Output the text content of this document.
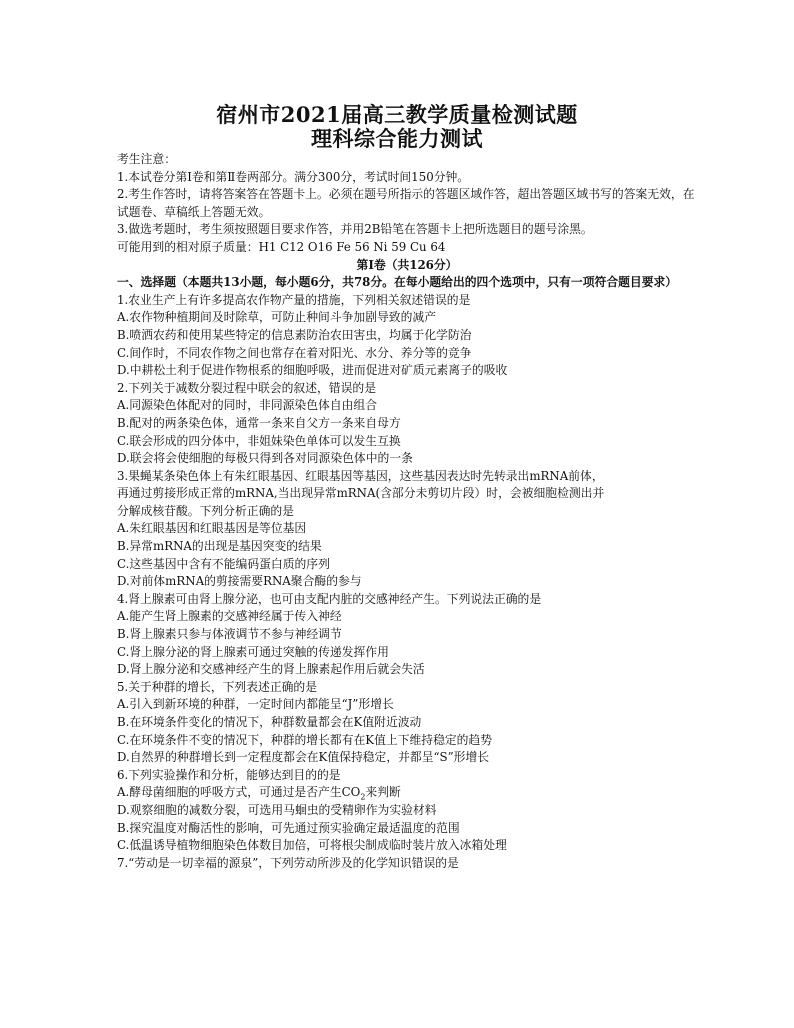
宿州市2021届高三教学质量检测试题
理科综合能力测试
考生注意：
1.本试卷分第Ⅰ卷和第Ⅱ卷两部分。满分300分，考试时间150分钟。
2.考生作答时，请将答案答在答题卡上。必须在题号所指示的答题区域作答，超出答题区域书写的答案无效，在试题卷、草稿纸上答题无效。
3.做选考题时，考生须按照题目要求作答，并用2B铅笔在答题卡上把所选题目的题号涂黑。
可能用到的相对原子质量：H1 C12 O16 Fe 56 Ni 59 Cu 64
第Ⅰ卷（共126分）
一、选择题（本题共13小题，每小题6分，共78分。在每小题给出的四个选项中，只有一项符合题目要求）
1.农业生产上有许多提高农作物产量的措施，下列相关叙述错误的是
A.农作物种植期间及时除草，可防止种间斗争加剧导致的减产
B.喷洒农药和使用某些特定的信息素防治农田害虫，均属于化学防治
C.间作时，不同农作物之间也常存在着对阳光、水分、养分等的竞争
D.中耕松土利于促进作物根系的细胞呼吸，进而促进对矿质元素离子的吸收
2.下列关于减数分裂过程中联会的叙述，错误的是
A.同源染色体配对的同时，非同源染色体自由组合
B.配对的两条染色体，通常一条来自父方一条来自母方
C.联会形成的四分体中，非姐妹染色单体可以发生互换
D.联会将会使细胞的每极只得到各对同源染色体中的一条
3.果蝇某条染色体上有朱红眼基因、红眼基因等基因，这些基因表达时先转录出mRNA前体，
再通过剪接形成正常的mRNA,当出现异常mRNA(含部分未剪切片段）时，会被细胞检测出并
分解成核苷酸。下列分析正确的是
A.朱红眼基因和红眼基因是等位基因
B.异常mRNA的出现是基因突变的结果
C.这些基因中含有不能编码蛋白质的序列
D.对前体mRNA的剪接需要RNA聚合酶的参与
4.肾上腺素可由肾上腺分泌，也可由支配内脏的交感神经产生。下列说法正确的是
A.能产生肾上腺素的交感神经属于传入神经
B.肾上腺素只参与体液调节不参与神经调节
C.肾上腺分泌的肾上腺素可通过突触的传递发挥作用
D.肾上腺分泌和交感神经产生的肾上腺素起作用后就会失活
5.关于种群的增长，下列表述正确的是
A.引入到新环境的种群，一定时间内都能呈“J”形增长
B.在环境条件变化的情况下，种群数量都会在K值附近波动
C.在环境条件不变的情况下，种群的增长都有在K值上下维持稳定的趋势
D.自然界的种群增长到一定程度都会在K值保持稳定，并都呈“S”形增长
6.下列实验操作和分析，能够达到目的的是
A.酵母菌细胞的呼吸方式，可通过是否产生$CO_2$来判断
D.观察细胞的减数分裂，可选用马蛔虫的受精卵作为实验材料
B.探究温度对酶活性的影响，可先通过预实验确定最适温度的范围
C.低温诱导植物细胞染色体数目加倍，可将根尖制成临时装片放入冰箱处理
7.“劳动是一切幸福的源泉”，下列劳动所涉及的化学知识错误的是
